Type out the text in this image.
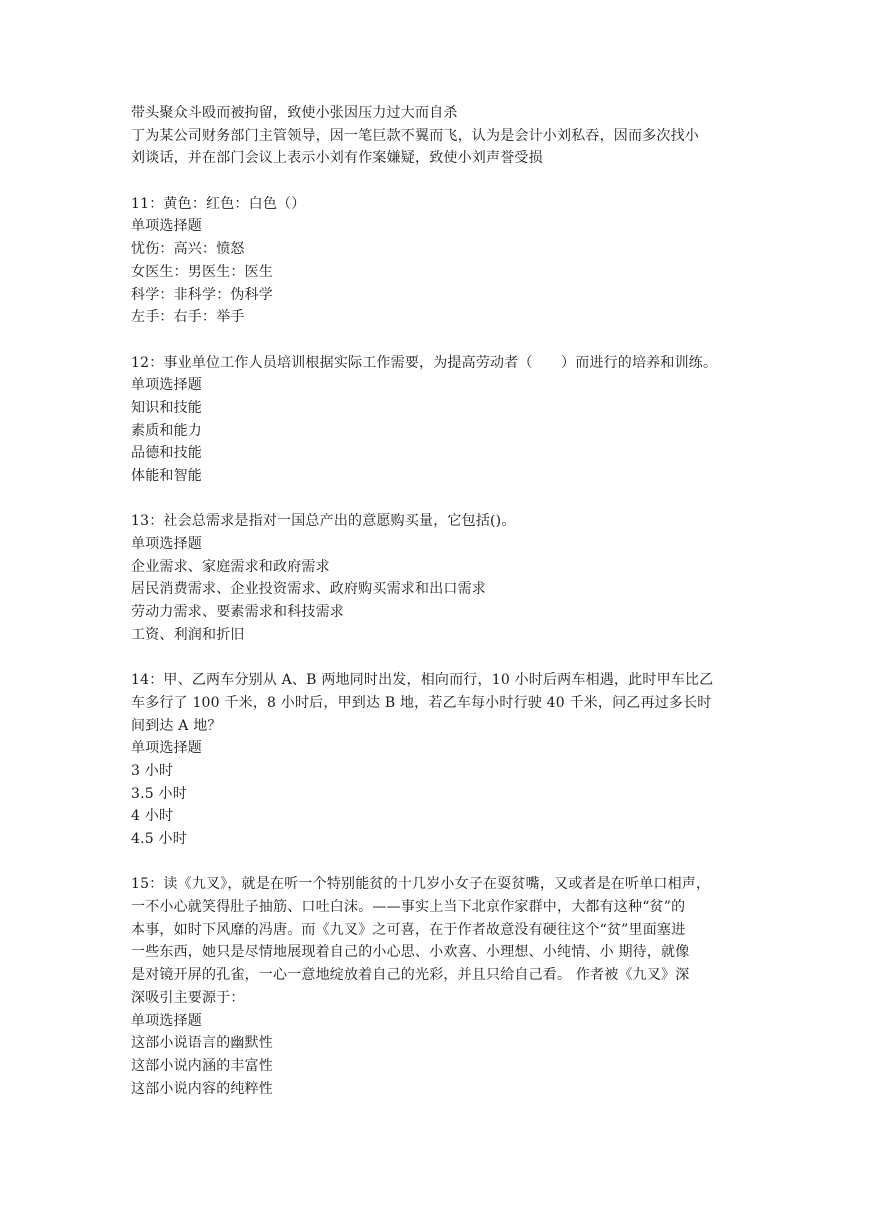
带头聚众斗殴而被拘留，致使小张因压力过大而自杀
丁为某公司财务部门主管领导，因一笔巨款不翼而飞，认为是会计小刘私吞，因而多次找小
刘谈话，并在部门会议上表示小刘有作案嫌疑，致使小刘声誉受损
11：黄色：红色：白色（）
单项选择题
忧伤：高兴：愤怒
女医生：男医生：医生
科学：非科学：伪科学
左手：右手：举手
12：事业单位工作人员培训根据实际工作需要，为提高劳动者（　　）而进行的培养和训练。
单项选择题
知识和技能
素质和能力
品德和技能
体能和智能
13：社会总需求是指对一国总产出的意愿购买量，它包括()。
单项选择题
企业需求、家庭需求和政府需求
居民消费需求、企业投资需求、政府购买需求和出口需求
劳动力需求、要素需求和科技需求
工资、利润和折旧
14：甲、乙两车分别从 A、B 两地同时出发，相向而行，10 小时后两车相遇，此时甲车比乙
车多行了 100 千米，8 小时后，甲到达 B 地，若乙车每小时行驶 40 千米，问乙再过多长时
间到达 A 地？
单项选择题
3 小时
3.5 小时
4 小时
4.5 小时
15：读《九叉》，就是在听一个特别能贫的十几岁小女子在耍贫嘴，又或者是在听单口相声，
一不小心就笑得肚子抽筋、口吐白沫。——事实上当下北京作家群中，大都有这种“贫”的
本事，如时下风靡的冯唐。而《九叉》之可喜，在于作者故意没有硬往这个“贫”里面塞进
一些东西，她只是尽情地展现着自己的小心思、小欢喜、小理想、小纯情、小 期待，就像
是对镜开屏的孔雀，一心一意地绽放着自己的光彩，并且只给自己看。 作者被《九叉》深
深吸引主要源于：
单项选择题
这部小说语言的幽默性
这部小说内涵的丰富性
这部小说内容的纯粹性
